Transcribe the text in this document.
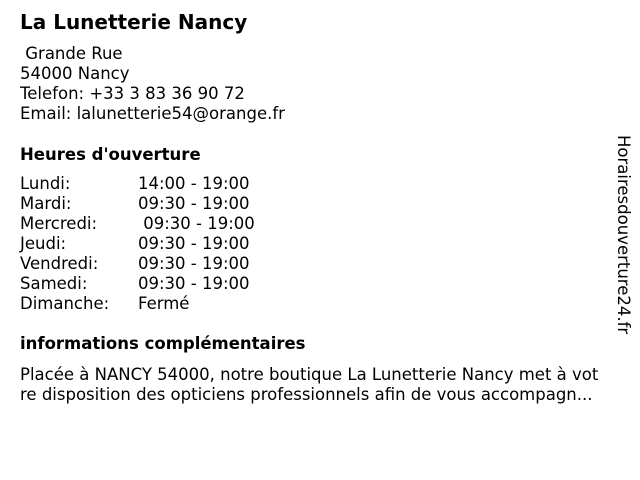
La Lunetterie Nancy
Grande Rue
54000 Nancy
Telefon: +33 3 83 36 90 72
Email: lalunetterie54@orange.fr
Heures d'ouverture
Lundi:	14:00 - 19:00
Mardi:	09:30 - 19:00
Mercredi: 09:30 - 19:00
Jeudi:	09:30 - 19:00
Vendredi: 09:30 - 19:00
Samedi:	09:30 - 19:00
Dimanche: Fermé
informations complémentaires
Placée à NANCY 54000, notre boutique La Lunetterie Nancy met à vot
re disposition des opticiens professionnels afin de vous accompagn...
Horairesdouverture24.fr
